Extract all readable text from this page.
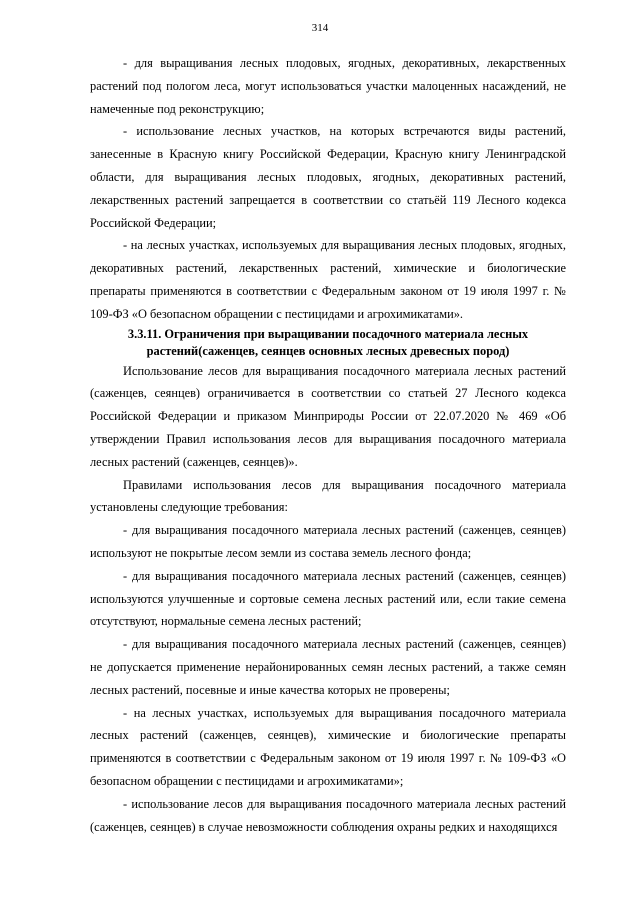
314

- для выращивания лесных плодовых, ягодных, декоративных, лекарственных растений под пологом леса, могут использоваться участки малоценных насаждений, не намеченные под реконструкцию;

- использование лесных участков, на которых встречаются виды растений, занесенные в Красную книгу Российской Федерации, Красную книгу Ленинградской области, для выращивания лесных плодовых, ягодных, декоративных растений, лекарственных растений запрещается в соответствии со статьёй 119 Лесного кодекса Российской Федерации;

- на лесных участках, используемых для выращивания лесных плодовых, ягодных, декоративных растений, лекарственных растений, химические и биологические препараты применяются в соответствии с Федеральным законом от 19 июля 1997 г. № 109-ФЗ «О безопасном обращении с пестицидами и агрохимикатами».

3.3.11. Ограничения при выращивании посадочного материала лесных растений(саженцев, сеянцев основных лесных древесных пород)

Использование лесов для выращивания посадочного материала лесных растений (саженцев, сеянцев) ограничивается в соответствии со статьей 27 Лесного кодекса Российской Федерации и приказом Минприроды России от 22.07.2020 № 469 «Об утверждении Правил использования лесов для выращивания посадочного материала лесных растений (саженцев, сеянцев)».

Правилами использования лесов для выращивания посадочного материала установлены следующие требования:

- для выращивания посадочного материала лесных растений (саженцев, сеянцев) используют не покрытые лесом земли из состава земель лесного фонда;

- для выращивания посадочного материала лесных растений (саженцев, сеянцев) используются улучшенные и сортовые семена лесных растений или, если такие семена отсутствуют, нормальные семена лесных растений;

- для выращивания посадочного материала лесных растений (саженцев, сеянцев) не допускается применение нерайонированных семян лесных растений, а также семян лесных растений, посевные и иные качества которых не проверены;

- на лесных участках, используемых для выращивания посадочного материала лесных растений (саженцев, сеянцев), химические и биологические препараты применяются в соответствии с Федеральным законом от 19 июля 1997 г. № 109-ФЗ «О безопасном обращении с пестицидами и агрохимикатами»;

- использование лесов для выращивания посадочного материала лесных растений (саженцев, сеянцев) в случае невозможности соблюдения охраны редких и находящихся
